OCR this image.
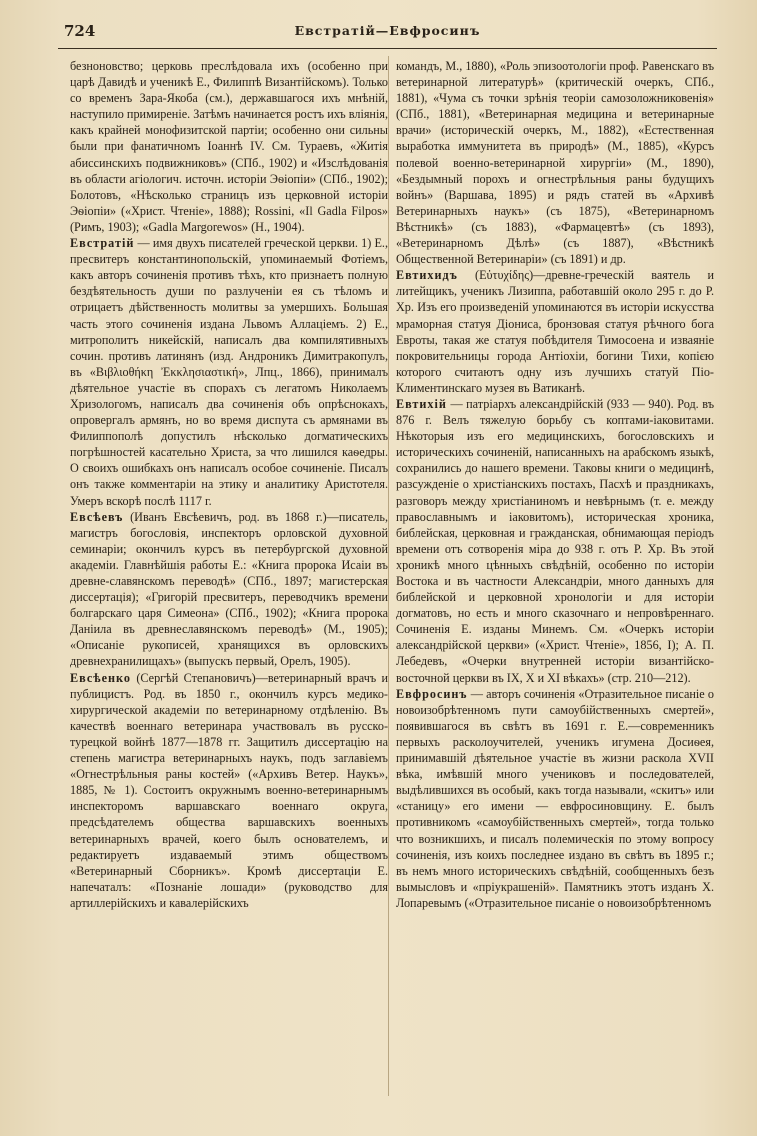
724	Евстратій—Евфросинъ

безноновство; церковь преслѣдовала ихъ (особенно при царѣ Давидѣ и ученикѣ Е., Филиппѣ Византійскомъ). Только со временъ Зара-Якоба (см.), державшагося ихъ мнѣній, наступило примиреніе. Затѣмъ начинается ростъ ихъ вліянія, какъ крайней монофизитской партіи; особенно они сильны были при фанатичномъ Іоаннѣ IV. См. Тураевъ, «Житія абиссинскихъ подвижниковъ» (СПб., 1902) и «Изслѣдованія въ области агіологич. источн. исторіи Эѳіопіи» (СПб., 1902); Болотовъ, «Нѣсколько страницъ изъ церковной исторіи Эѳіопіи» («Христ. Чтеніе», 1888); Rossini, «Il Gadla Filpos» (Римъ, 1903); «Gadla Margorewos» (Н., 1904).

Евстратій — имя двухъ писателей греческой церкви. 1) Е., пресвитеръ константинопольскій, упоминаемый Фотіемъ, какъ авторъ сочиненія противъ тѣхъ, кто признаетъ полную бездѣятельность души по разлученіи ея съ тѣломъ и отрицаетъ дѣйственность молитвы за умершихъ. Большая часть этого сочиненія издана Львомъ Аллаціемъ. 2) Е., митрополитъ никейскій, написалъ два компилятивныхъ сочин. противъ латинянъ (изд. Андроникъ Димитракопулъ, въ «Βιβλιοθήκη Ἐκκλησιαστική», Лпц., 1866), принималъ дѣятельное участіе въ спорахъ съ легатомъ Николаемъ Хризологомъ, написалъ два сочиненія объ опрѣснокахъ, опровергалъ армянъ, но во время диспута съ армянами въ Филиппополѣ допустилъ нѣсколько догматическихъ погрѣшностей касательно Христа, за что лишился каѳедры. О своихъ ошибкахъ онъ написалъ особое сочиненіе. Писалъ онъ также комментаріи на этику и аналитику Аристотеля. Умеръ вскорѣ послѣ 1117 г.

Евсѣевъ (Иванъ Евсѣевичъ, род. въ 1868 г.)—писатель, магистръ богословія, инспекторъ орловской духовной семинаріи; окончилъ курсъ въ петербургской духовной академіи. Главнѣйшія работы Е.: «Книга пророка Исаіи въ древне-славянскомъ переводѣ» (СПб., 1897; магистерская диссертація); «Григорій пресвитеръ, переводчикъ времени болгарскаго царя Симеона» (СПб., 1902); «Книга пророка Даніила въ древнеславянскомъ переводѣ» (М., 1905); «Описаніе рукописей, хранящихся въ орловскихъ древнехранилищахъ» (выпускъ первый, Орелъ, 1905).

Евсѣенко (Сергѣй Степановичъ)—ветеринарный врачъ и публицистъ. Род. въ 1850 г., окончилъ курсъ медико-хирургической академіи по ветеринарному отдѣленію. Въ качествѣ военнаго ветеринара участвовалъ въ русско-турецкой войнѣ 1877—1878 гг. Защитилъ диссертацію на степень магистра ветеринарныхъ наукъ, подъ заглавіемъ «Огнестрѣльныя раны костей» («Архивъ Ветер. Наукъ», 1885, № 1). Состоитъ окружнымъ военно-ветеринарнымъ инспекторомъ варшавскаго военнаго округа, предсѣдателемъ общества варшавскихъ военныхъ ветеринарныхъ врачей, коего былъ основателемъ, и редактируетъ издаваемый этимъ обществомъ «Ветеринарный Сборникъ». Кромѣ диссертаціи Е. напечаталъ: «Познаніе лошади» (руководство для артиллерійскихъ и кавалерійскихъ

командъ, М., 1880), «Роль эпизоотологіи проф. Равенскаго въ ветеринарной литературѣ» (критическій очеркъ, СПб., 1881), «Чума съ точки зрѣнія теоріи самозоложниковенія» (СПб., 1881), «Ветеринарная медицина и ветеринарные врачи» (историческій очеркъ, М., 1882), «Естественная выработка иммунитета въ природѣ» (М., 1885), «Курсъ полевой военно-ветеринарной хирургіи» (М., 1890), «Бездымный порохъ и огнестрѣльныя раны будущихъ войнъ» (Варшава, 1895) и рядъ статей въ «Архивѣ Ветеринарныхъ наукъ» (съ 1875), «Ветеринарномъ Вѣстникѣ» (съ 1883), «Фармацевтѣ» (съ 1893), «Ветеринарномъ Дѣлѣ» (съ 1887), «Вѣстникѣ Общественной Ветеринаріи» (съ 1891) и др.

Евтихидъ (Εὐτυχίδης)—древне-греческій ваятель и литейщикъ, ученикъ Лизиппа, работавшій около 295 г. до Р. Хр. Изъ его произведеній упоминаются въ исторіи искусства мраморная статуя Діониса, бронзовая статуя рѣчного бога Евроты, такая же статуя побѣдителя Тимосоена и изваяніе покровительницы города Антіохіи, богини Тихи, копією которого считаютъ одну изъ лучшихъ статуй Піо-Климентинскаго музея въ Ватиканѣ.

Евтихій — патріархъ александрійскій (933 — 940). Род. въ 876 г. Велъ тяжелую борьбу съ коптами-іаковитами. Нѣкоторыя изъ его медицинскихъ, богословскихъ и историческихъ сочиненій, написанныхъ на арабскомъ языкѣ, сохранились до нашего времени. Таковы книги о медицинѣ, разсужденіе о христіанскихъ постахъ, Пасхѣ и праздникахъ, разговоръ между христіаниномъ и невѣрнымъ (т. е. между православнымъ и іаковитомъ), историческая хроника, библейская, церковная и гражданская, обнимающая періодъ времени отъ сотворенія міра до 938 г. отъ Р. Хр. Въ этой хроникѣ много цѣнныхъ свѣдѣній, особенно по исторіи Востока и въ частности Александріи, много данныхъ для библейской и церковной хронологіи и для исторіи догматовъ, но есть и много сказочнаго и непровѣреннаго. Сочиненія Е. изданы Минемъ. См. «Очеркъ исторіи александрійской церкви» («Христ. Чтеніе», 1856, I); А. П. Лебедевъ, «Очерки внутренней исторіи византійско-восточной церкви въ IX, X и XI вѣкахъ» (стр. 210—212).

Евфросинъ — авторъ сочиненія «Отразительное писаніе о новоизобрѣтенномъ пути самоубійственныхъ смертей», появившагося въ свѣтъ въ 1691 г. Е.—современникъ первыхъ расколоучителей, ученикъ игумена Досиѳея, принимавшій дѣятельное участіе въ жизни раскола XVII вѣка, имѣвшій много учениковъ и последователей, выдѣлившихся въ особый, какъ тогда называли, «скитъ» или «станицу» его имени — евфросиновщину. Е. былъ противникомъ «самоубійственныхъ смертей», тогда только что возникшихъ, и писалъ полемическія по этому вопросу сочиненія, изъ коихъ последнее издано въ свѣтъ въ 1895 г.; въ немъ много историческихъ свѣдѣній, сообщенныхъ безъ вымысловъ и «пріукрашеній». Памятникъ этотъ изданъ Х. Лопаревымъ («Отразительное писаніе о новоизобрѣтенномъ
